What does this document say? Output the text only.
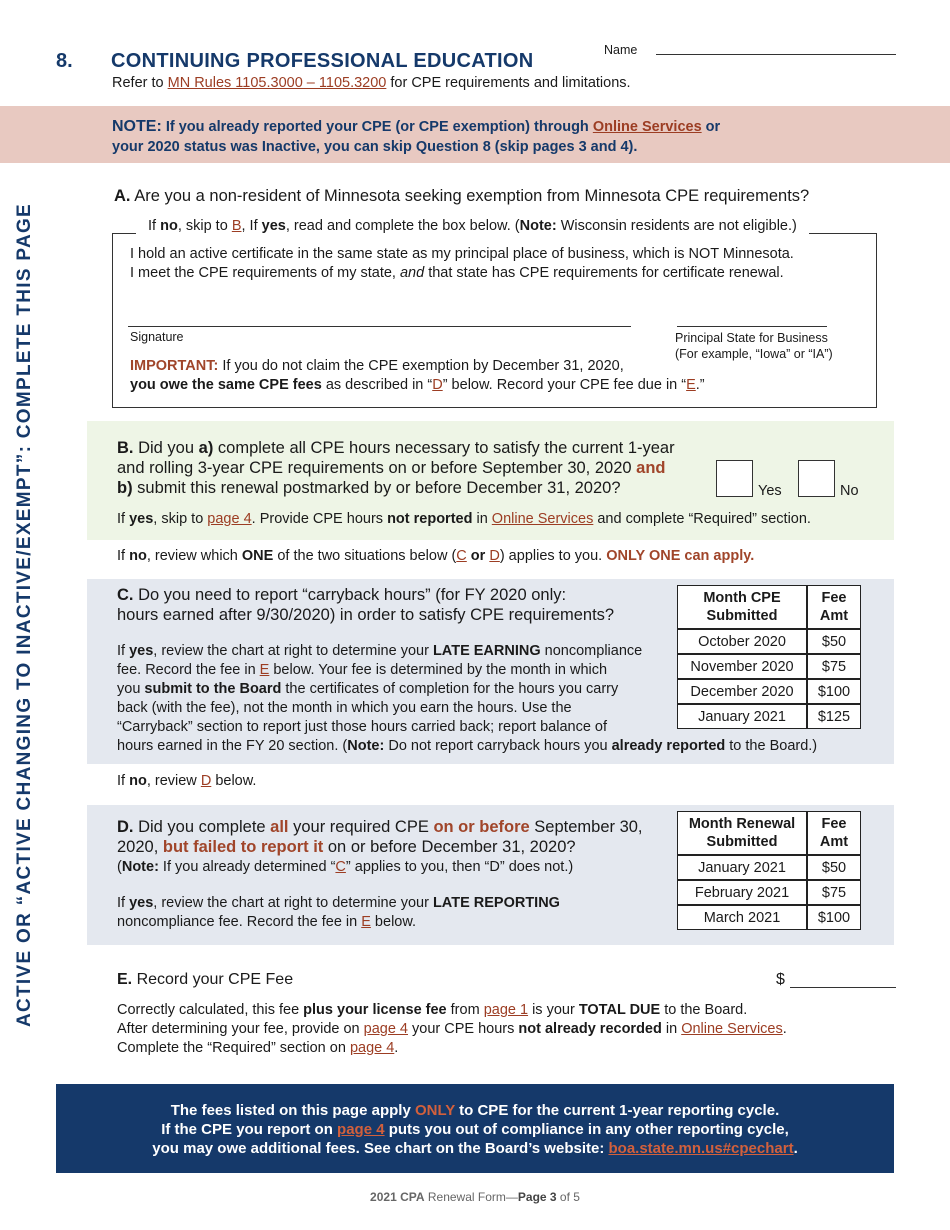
ACTIVE OR “ACTIVE CHANGING TO INACTIVE/EXEMPT”: COMPLETE THIS PAGE
8. CONTINUING PROFESSIONAL EDUCATION	Name
Refer to MN Rules 1105.3000 – 1105.3200 for CPE requirements and limitations.
NOTE: If you already reported your CPE (or CPE exemption) through Online Services or
your 2020 status was Inactive, you can skip Question 8 (skip pages 3 and 4).
A. Are you a non-resident of Minnesota seeking exemption from Minnesota CPE requirements?
If no, skip to B, If yes, read and complete the box below. (Note: Wisconsin residents are not eligible.)
I hold an active certificate in the same state as my principal place of business, which is NOT Minnesota.
I meet the CPE requirements of my state, and that state has CPE requirements for certificate renewal.
Signature	Principal State for Business
(For example, “Iowa” or “IA”)
IMPORTANT: If you do not claim the CPE exemption by December 31, 2020,
you owe the same CPE fees as described in “D” below. Record your CPE fee due in “E.”
B. Did you a) complete all CPE hours necessary to satisfy the current 1-year
and rolling 3-year CPE requirements on or before September 30, 2020 and
b) submit this renewal postmarked by or before December 31, 2020?	Yes	No
If yes, skip to page 4. Provide CPE hours not reported in Online Services and complete “Required” section.
If no, review which ONE of the two situations below (C or D) applies to you. ONLY ONE can apply.
C. Do you need to report “carryback hours” (for FY 2020 only:
hours earned after 9/30/2020) in order to satisfy CPE requirements?
If yes, review the chart at right to determine your LATE EARNING noncompliance
fee. Record the fee in E below. Your fee is determined by the month in which
you submit to the Board the certificates of completion for the hours you carry
back (with the fee), not the month in which you earn the hours. Use the
“Carryback” section to report just those hours carried back; report balance of
hours earned in the FY 20 section. (Note: Do not report carryback hours you already reported to the Board.)
Month CPE Submitted	Fee Amt
October 2020	$50
November 2020	$75
December 2020	$100
January 2021	$125
If no, review D below.
D. Did you complete all your required CPE on or before September 30,
2020, but failed to report it on or before December 31, 2020?
(Note: If you already determined “C” applies to you, then “D” does not.)
If yes, review the chart at right to determine your LATE REPORTING
noncompliance fee. Record the fee in E below.
Month Renewal Submitted	Fee Amt
January 2021	$50
February 2021	$75
March 2021	$100
E. Record your CPE Fee	$
Correctly calculated, this fee plus your license fee from page 1 is your TOTAL DUE to the Board.
After determining your fee, provide on page 4 your CPE hours not already recorded in Online Services.
Complete the “Required” section on page 4.
The fees listed on this page apply ONLY to CPE for the current 1-year reporting cycle.
If the CPE you report on page 4 puts you out of compliance in any other reporting cycle,
you may owe additional fees. See chart on the Board’s website: boa.state.mn.us#cpechart.
2021 CPA Renewal Form—Page 3 of 5
